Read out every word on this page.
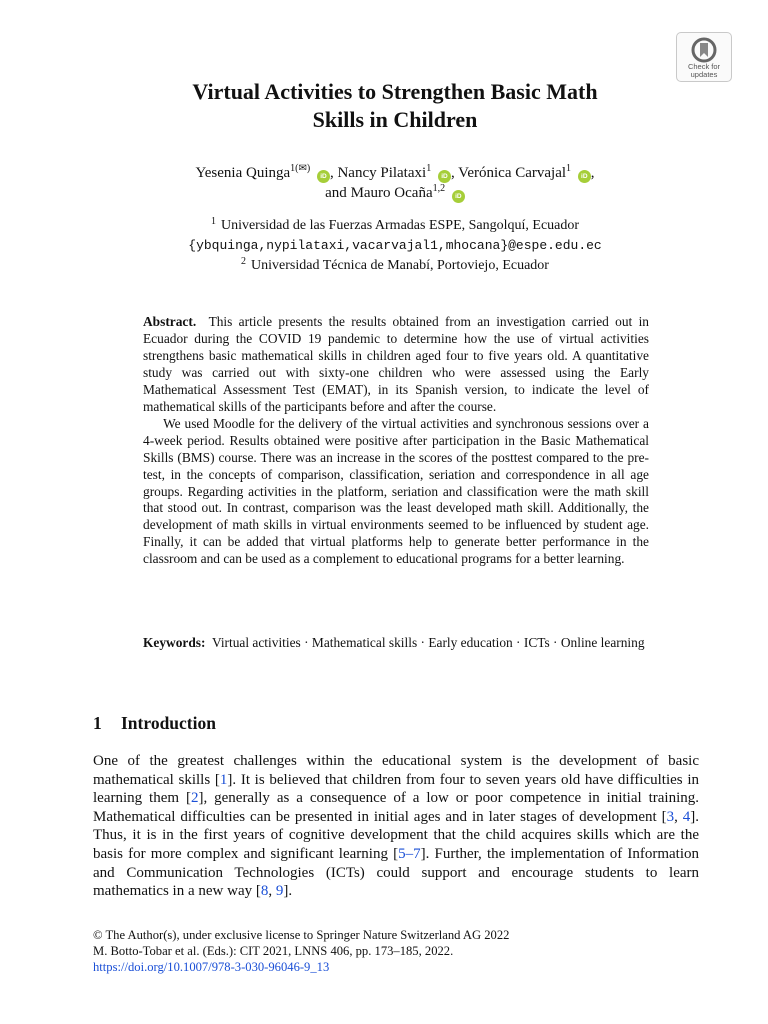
Check for
updates
Virtual Activities to Strengthen Basic Math
Skills in Children
Yesenia Quinga$^{1(✉)}$ iD , Nancy Pilataxi$^1$ iD , Verónica Carvajal$^1$ iD ,
and Mauro Ocaña$^{1,2}$ iD
$^1$ Universidad de las Fuerzas Armadas ESPE, Sangolquí, Ecuador
{ybquinga,nypilataxi,vacarvajal1,mhocana}@espe.edu.ec
$^2$ Universidad Técnica de Manabí, Portoviejo, Ecuador

Abstract. This article presents the results obtained from an investigation carried out in Ecuador during the COVID 19 pandemic to determine how the use of virtual activities strengthens basic mathematical skills in children aged four to five years old. A quantitative study was carried out with sixty-one children who were assessed using the Early Mathematical Assessment Test (EMAT), in its Spanish version, to indicate the level of mathematical skills of the participants before and after the course.

We used Moodle for the delivery of the virtual activities and synchronous sessions over a 4-week period. Results obtained were positive after participation in the Basic Mathematical Skills (BMS) course. There was an increase in the scores of the posttest compared to the pre-test, in the concepts of comparison, classification, seriation and correspondence in all age groups. Regarding activities in the platform, seriation and classification were the math skill that stood out. In contrast, comparison was the least developed math skill. Additionally, the development of math skills in virtual environments seemed to be influenced by student age. Finally, it can be added that virtual platforms help to generate better performance in the classroom and can be used as a complement to educational programs for a better learning.

Keywords: Virtual activities · Mathematical skills · Early education · ICTs · Online learning
1 Introduction
One of the greatest challenges within the educational system is the development of basic mathematical skills [1]. It is believed that children from four to seven years old have difficulties in learning them [2], generally as a consequence of a low or poor competence in initial training. Mathematical difficulties can be presented in initial ages and in later stages of development [3, 4]. Thus, it is in the first years of cognitive development that the child acquires skills which are the basis for more complex and significant learning [5–7]. Further, the implementation of Information and Communication Technologies (ICTs) could support and encourage students to learn mathematics in a new way [8, 9].
© The Author(s), under exclusive license to Springer Nature Switzerland AG 2022
M. Botto-Tobar et al. (Eds.): CIT 2021, LNNS 406, pp. 173–185, 2022.
https://doi.org/10.1007/978-3-030-96046-9_13
